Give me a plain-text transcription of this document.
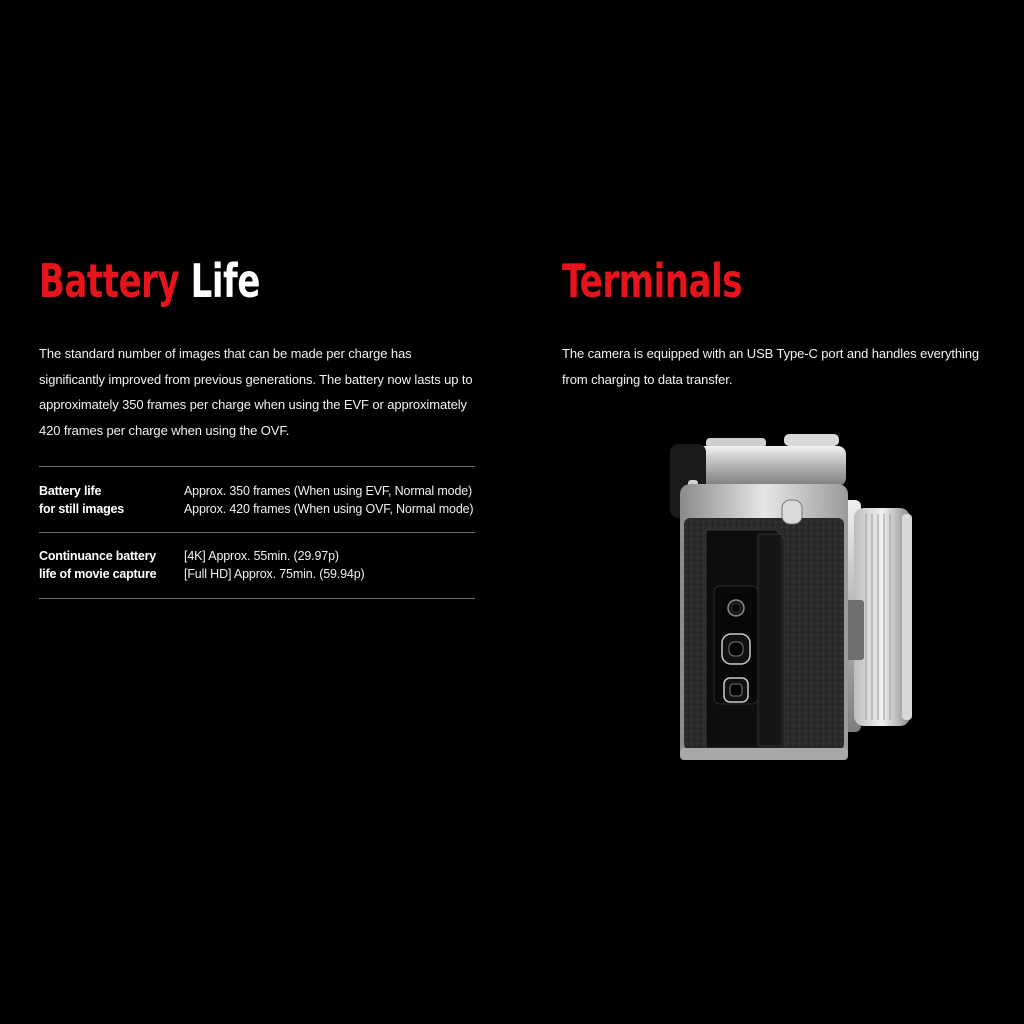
Battery Life

The standard number of images that can be made per charge has significantly improved from previous generations. The battery now lasts up to approximately 350 frames per charge when using the EVF or approximately 420 frames per charge when using the OVF.

Battery life
for still images
Approx. 350 frames (When using EVF, Normal mode)
Approx. 420 frames (When using OVF, Normal mode)
Continuance battery
life of movie capture
[4K] Approx. 55min. (29.97p)
[Full HD] Approx. 75min. (59.94p)
Terminals

The camera is equipped with an USB Type-C port and handles everything from charging to data transfer.
